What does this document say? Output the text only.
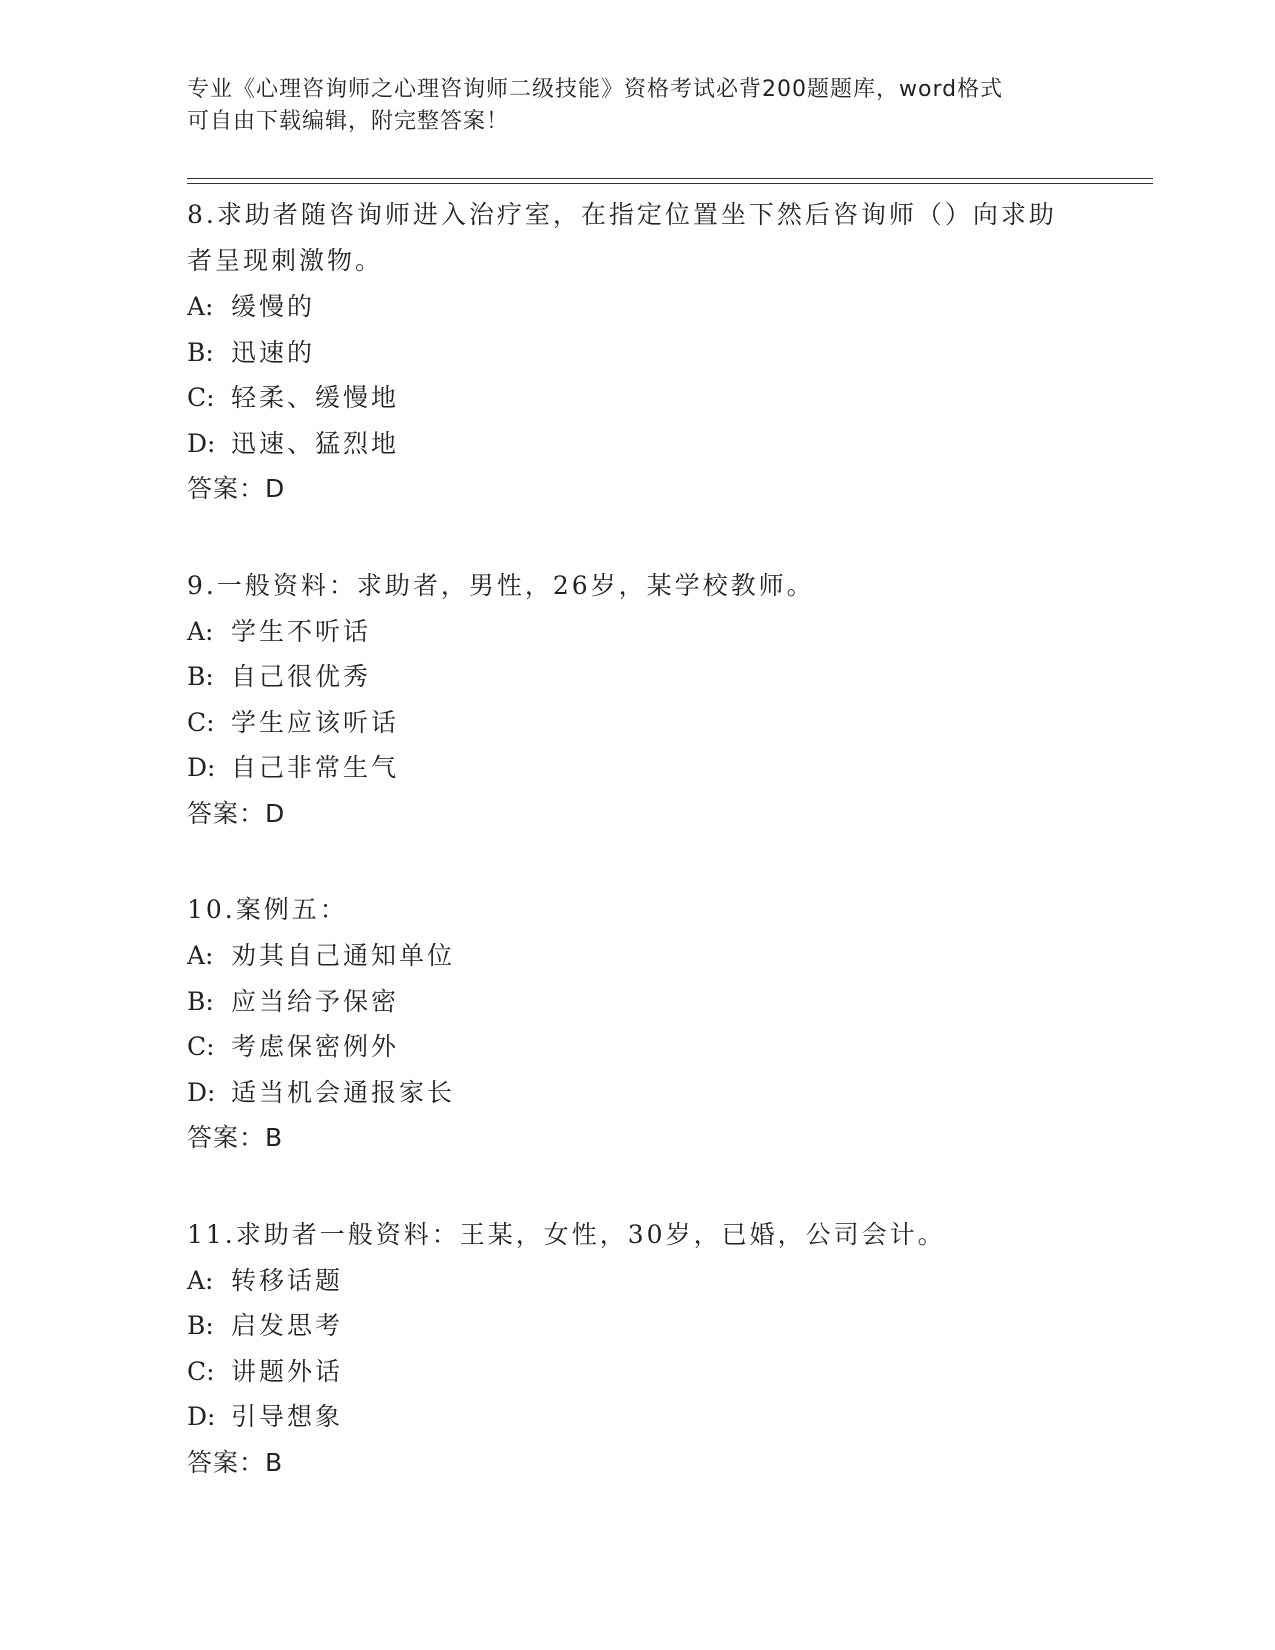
专业《心理咨询师之心理咨询师二级技能》资格考试必背200题题库，word格式
可自由下载编辑，附完整答案！
8.求助者随咨询师进入治疗室，在指定位置坐下然后咨询师（）向求助者呈现刺激物。
A: 缓慢的
B: 迅速的
C: 轻柔、缓慢地
D: 迅速、猛烈地
答案：D
9.一般资料：求助者，男性，26岁，某学校教师。
A: 学生不听话
B: 自己很优秀
C: 学生应该听话
D: 自己非常生气
答案：D
10.案例五：
A: 劝其自己通知单位
B: 应当给予保密
C: 考虑保密例外
D: 适当机会通报家长
答案：B
11.求助者一般资料：王某，女性，30岁，已婚，公司会计。
A: 转移话题
B: 启发思考
C: 讲题外话
D: 引导想象
答案：B
